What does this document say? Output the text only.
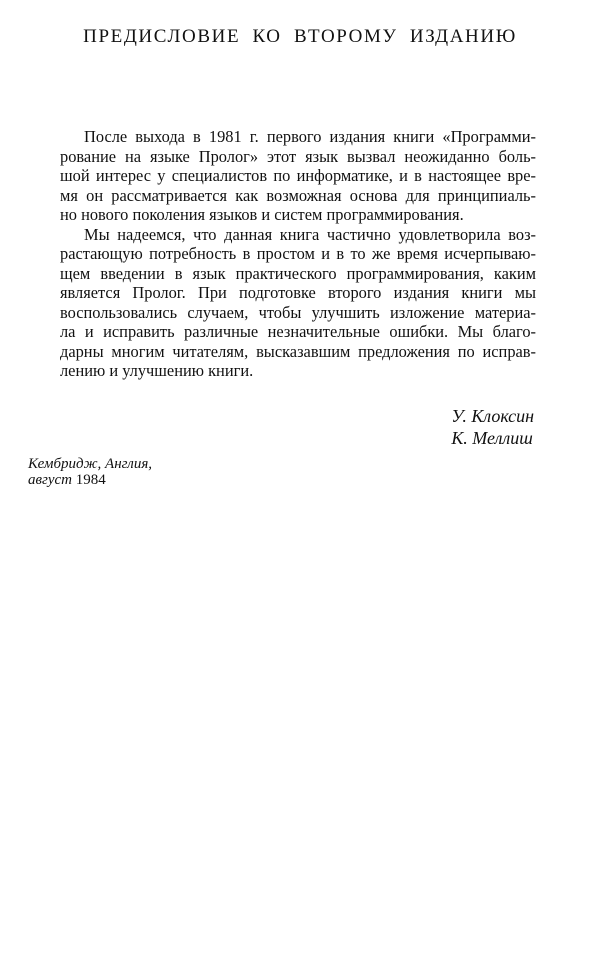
ПРЕДИСЛОВИЕ КО ВТОРОМУ ИЗДАНИЮ
После выхода в 1981 г. первого издания книги «Программи-
рование на языке Пролог» этот язык вызвал неожиданно боль-
шой интерес у специалистов по информатике, и в настоящее вре-
мя он рассматривается как возможная основа для принципиаль-
но нового поколения языков и систем программирования.
Мы надеемся, что данная книга частично удовлетворила воз-
растающую потребность в простом и в то же время исчерпываю-
щем введении в язык практического программирования, каким
является Пролог. При подготовке второго издания книги мы
воспользовались случаем, чтобы улучшить изложение материа-
ла и исправить различные незначительные ошибки. Мы благо-
дарны многим читателям, высказавшим предложения по исправ-
лению и улучшению книги.
У. Клоксин
К. Меллиш
Кембридж, Англия,
август 1984
